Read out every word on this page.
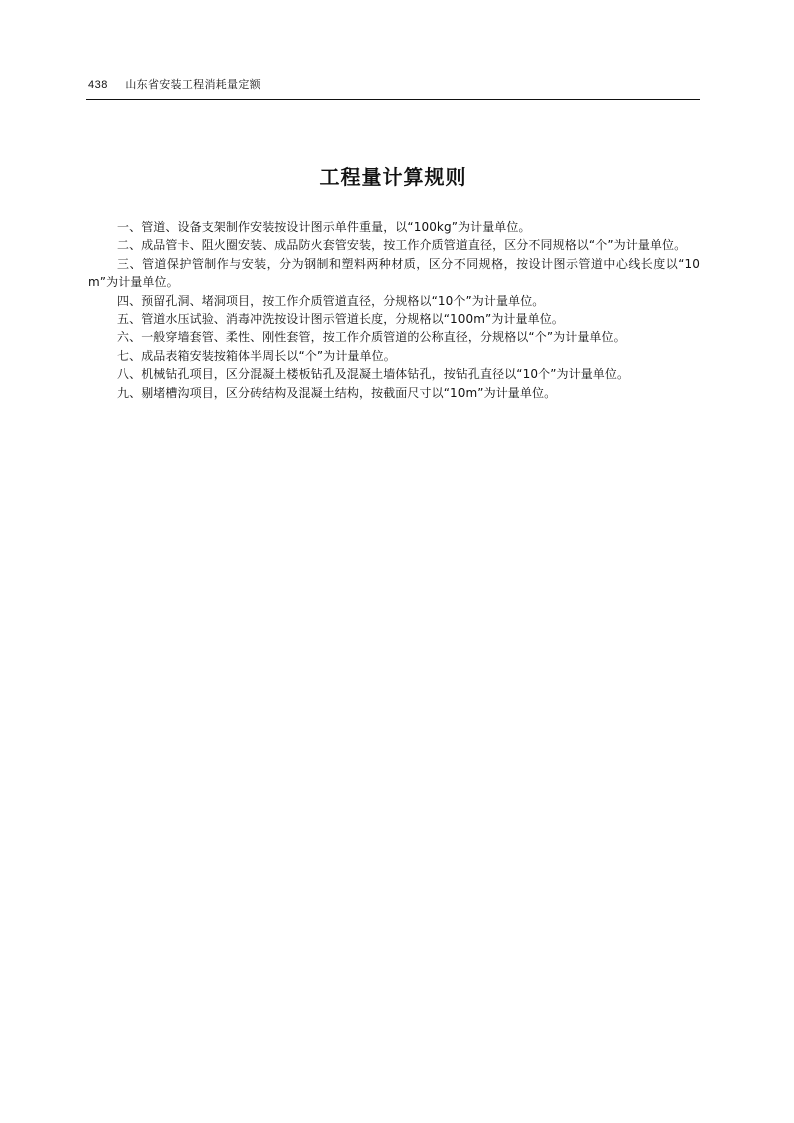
438 山东省安装工程消耗量定额
工程量计算规则

一、管道、设备支架制作安装按设计图示单件重量，以“100kg”为计量单位。

二、成品管卡、阻火圈安装、成品防火套管安装，按工作介质管道直径，区分不同规格以“个”为计量单位。

三、管道保护管制作与安装，分为钢制和塑料两种材质，区分不同规格，按设计图示管道中心线长度以“10m”为计量单位。

四、预留孔洞、堵洞项目，按工作介质管道直径，分规格以“10个”为计量单位。

五、管道水压试验、消毒冲洗按设计图示管道长度，分规格以“100m”为计量单位。

六、一般穿墙套管、柔性、刚性套管，按工作介质管道的公称直径，分规格以“个”为计量单位。

七、成品表箱安装按箱体半周长以“个”为计量单位。

八、机械钻孔项目，区分混凝土楼板钻孔及混凝土墙体钻孔，按钻孔直径以“10个”为计量单位。

九、剔堵槽沟项目，区分砖结构及混凝土结构，按截面尺寸以“10m”为计量单位。
